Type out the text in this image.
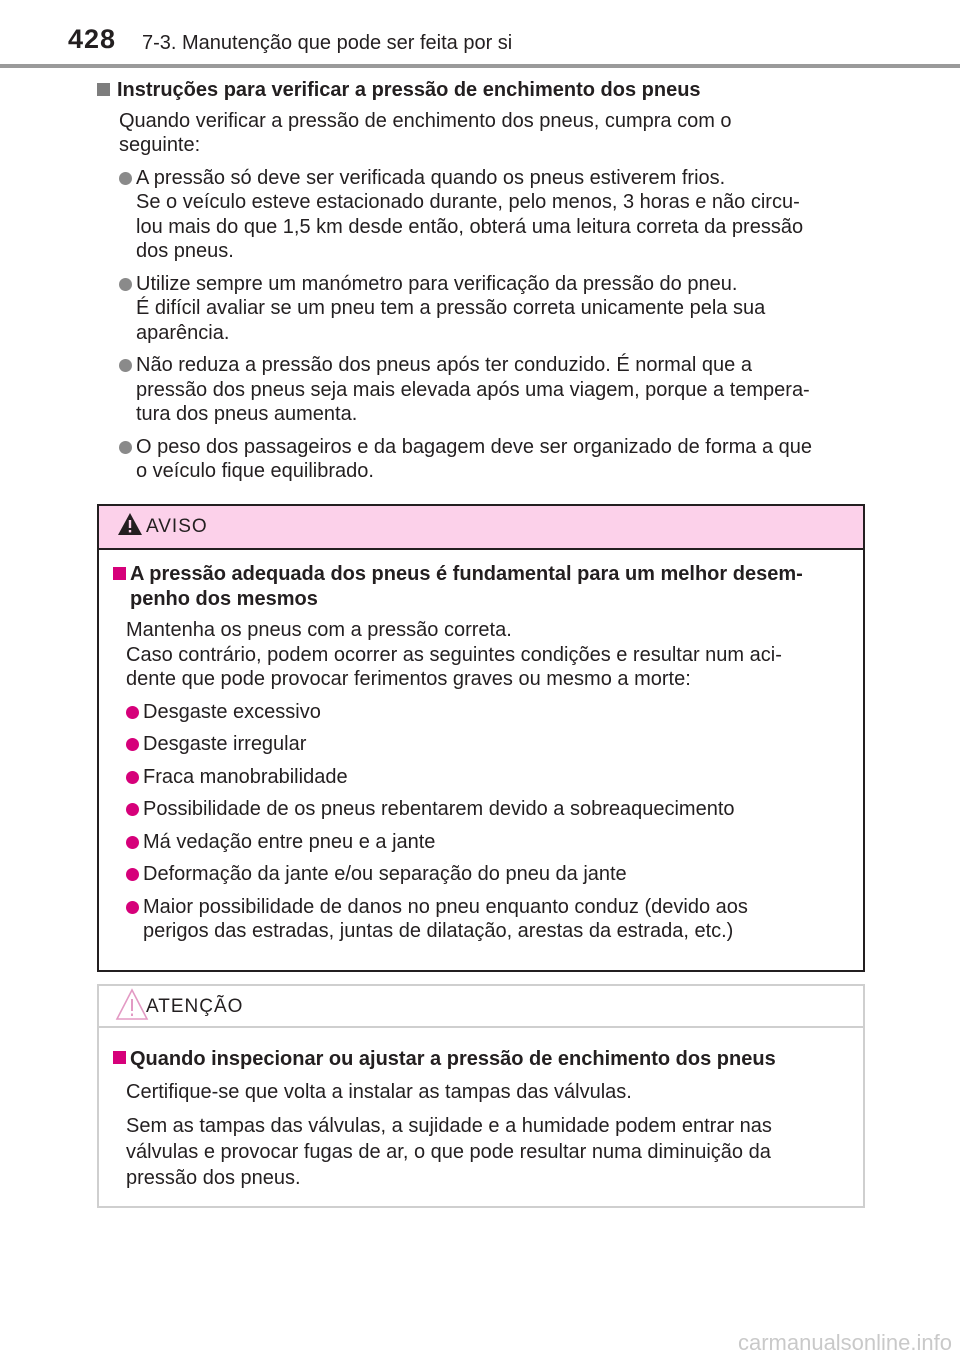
428 7-3. Manutenção que pode ser feita por si
Instruções para verificar a pressão de enchimento dos pneus
Quando verificar a pressão de enchimento dos pneus, cumpra com o
seguinte:
A pressão só deve ser verificada quando os pneus estiverem frios.
Se o veículo esteve estacionado durante, pelo menos, 3 horas e não circu-
lou mais do que 1,5 km desde então, obterá uma leitura correta da pressão
dos pneus.
Utilize sempre um manómetro para verificação da pressão do pneu.
É difícil avaliar se um pneu tem a pressão correta unicamente pela sua
aparência.
Não reduza a pressão dos pneus após ter conduzido. É normal que a
pressão dos pneus seja mais elevada após uma viagem, porque a tempera-
tura dos pneus aumenta.
O peso dos passageiros e da bagagem deve ser organizado de forma a que
o veículo fique equilibrado.
AVISO
A pressão adequada dos pneus é fundamental para um melhor desem-
penho dos mesmos
Mantenha os pneus com a pressão correta.
Caso contrário, podem ocorrer as seguintes condições e resultar num aci-
dente que pode provocar ferimentos graves ou mesmo a morte:
Desgaste excessivo
Desgaste irregular
Fraca manobrabilidade
Possibilidade de os pneus rebentarem devido a sobreaquecimento
Má vedação entre pneu e a jante
Deformação da jante e/ou separação do pneu da jante
Maior possibilidade de danos no pneu enquanto conduz (devido aos
perigos das estradas, juntas de dilatação, arestas da estrada, etc.)
ATENÇÃO
Quando inspecionar ou ajustar a pressão de enchimento dos pneus
Certifique-se que volta a instalar as tampas das válvulas.
Sem as tampas das válvulas, a sujidade e a humidade podem entrar nas
válvulas e provocar fugas de ar, o que pode resultar numa diminuição da
pressão dos pneus.
carmanualsonline.info
